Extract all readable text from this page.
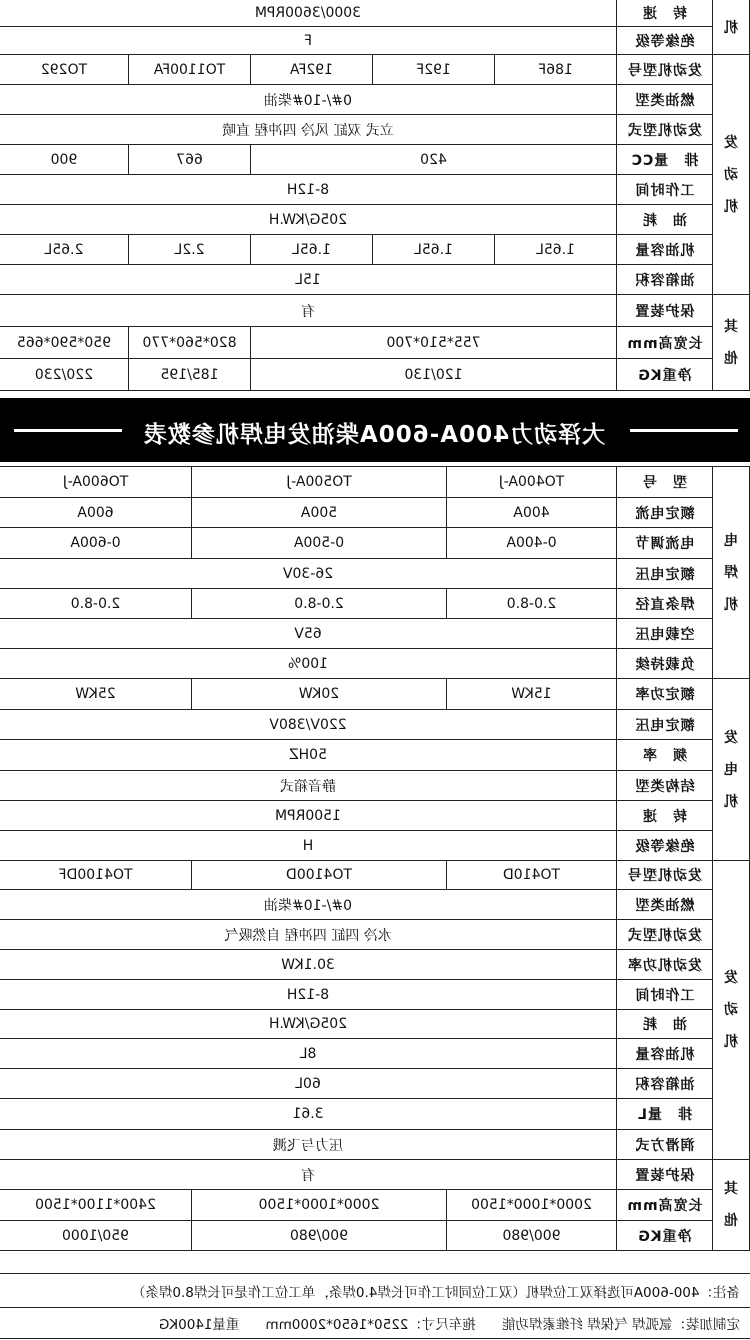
机	转　速	3000/3600RPM				
	绝缘等级	F				

发
动
机	发动机型号	186F	192F	192FA	TO1100FA	TO292
	燃油类型	0#/-10#柴油				
	发动机型式	立式 双缸 风冷 四冲程 直喷				
	排　量CC	420			667	900
	工作时间	8-12H				
	油　耗	205G/KW.H				
	机油容量	1.65L	1.65L	1.65L	2.2L	2.65L
	油箱容积	15L				

其
他	保护装置	有				
	长宽高mm	755*510*700			820*560*770	950*590*665
	净重KG	120/130			185/195	220/230
大泽动力400A-600A柴油发电焊机参数表
电
焊
机	型　号	TO400A-J	TO500A-J	TO600A-J
	额定电流	400A	500A	600A
	电流调节	0-400A	0-500A	0-600A
	额定电压	26-30V		
	焊条直径	2.0-8.0	2.0-8.0	2.0-8.0
	空载电压	65V		
	负载持续	100%		

发
电
机	额定功率	15KW	20KW	25KW
	额定电压	220V/380V		
	频　率	50HZ		
	结构类型	静音箱式		
	转　速	1500RPM		
	绝缘等级	H		

发
动
机	发动机型号	TO410D	TO4100D	TO4100DF
	燃油类型	0#/-10#柴油		
	发动机型式	水冷 四缸 四冲程 自然吸气		
	发动机功率	30.1KW		
	工作时间	8-12H		
	油　耗	205G/KW.H		
	机油容量	8L		
	油箱容积	60L		
	排　量L	3.61		
	润滑方式	压力与飞溅		

其
他	保护装置	有		
	长宽高mm	2000*1000*1500	2000*1000*1500	2400*1100*1500
	净重KG	900/980	900/980	950/1000
备注：400-600A可选择双工位焊机（双工位同时工作可长焊4.0焊条，单工位工作是可长焊8.0焊条）
定制加装：氩弧焊 气保焊 纤维素焊功能
拖车尺寸：2250*1650*2000mm
重量1400KG
